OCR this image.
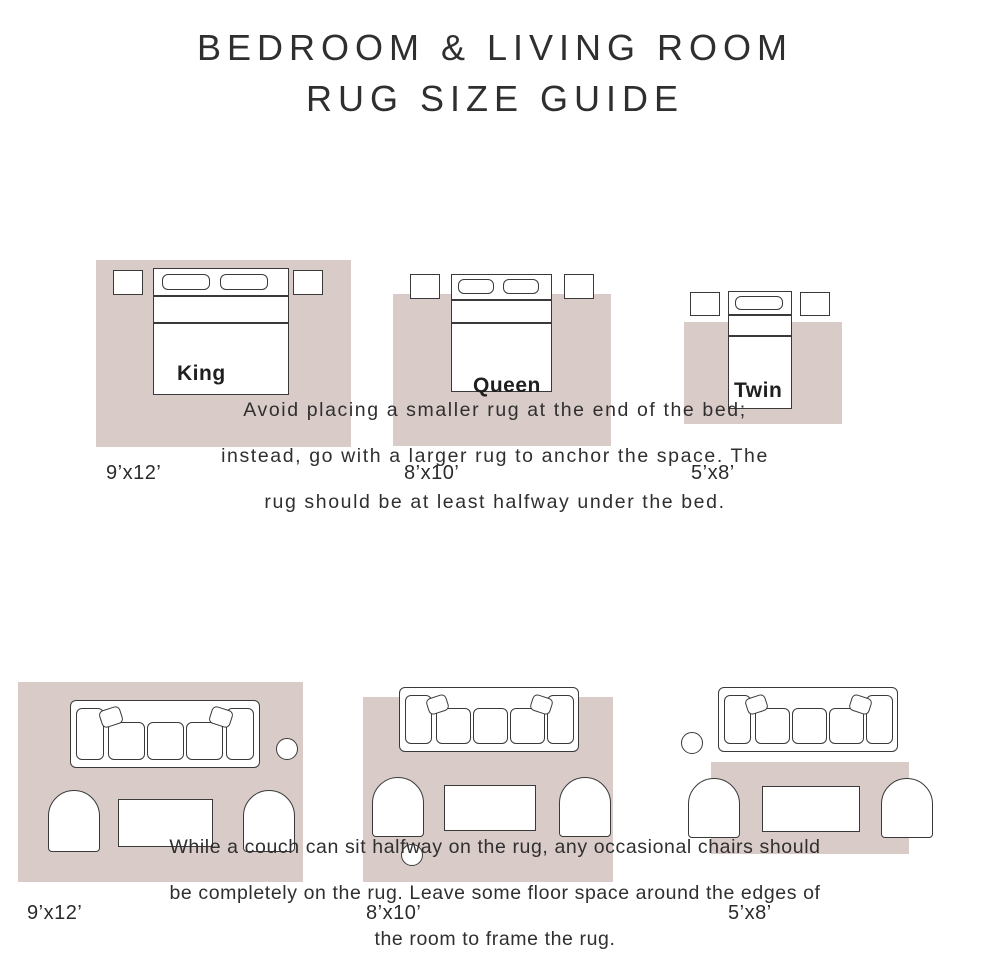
BEDROOM & LIVING ROOM
RUG SIZE GUIDE
King
9’x12’
Queen
8’x10’
Twin
5’x8’
Avoid placing a smaller rug at the end of the bed;
instead, go with a larger rug to anchor the space. The
rug should be at least halfway under the bed.
9’x12’	8’x10’	5’x8’
While a couch can sit halfway on the rug, any occasional chairs should
be completely on the rug. Leave some floor space around the edges of
the room to frame the rug.
